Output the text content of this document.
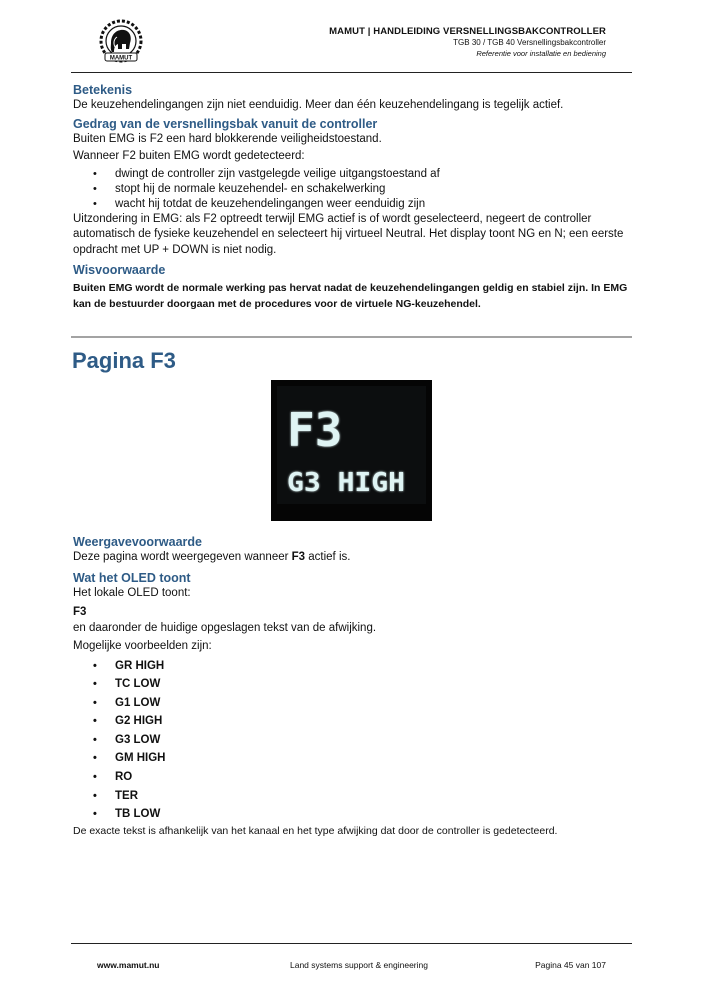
MAMUT
MAMUT | HANDLEIDING VERSNELLINGSBAKCONTROLLER
TGB 30 / TGB 40 Versnellingsbakcontroller
Referentie voor installatie en bediening
Betekenis

De keuzehendelingangen zijn niet eenduidig. Meer dan één keuzehendelingang is tegelijk actief.

Gedrag van de versnellingsbak vanuit de controller

Buiten EMG is F2 een hard blokkerende veiligheidstoestand.

Wanneer F2 buiten EMG wordt gedetecteerd:

• dwingt de controller zijn vastgelegde veilige uitgangstoestand af
• stopt hij de normale keuzehendel- en schakelwerking
• wacht hij totdat de keuzehendelingangen weer eenduidig zijn

Uitzondering in EMG: als F2 optreedt terwijl EMG actief is of wordt geselecteerd, negeert de controller automatisch de fysieke keuzehendel en selecteert hij virtueel Neutral. Het display toont NG en N; een eerste opdracht met UP + DOWN is niet nodig.

Wisvoorwaarde
Buiten EMG wordt de normale werking pas hervat nadat de keuzehendelingangen geldig en stabiel zijn. In EMG kan de bestuurder doorgaan met de procedures voor de virtuele NG-keuzehendel.
Pagina F3
F3
G3 HIGH
Weergavevoorwaarde

Deze pagina wordt weergegeven wanneer F3 actief is.

Wat het OLED toont

Het lokale OLED toont:

F3

en daaronder de huidige opgeslagen tekst van de afwijking.

Mogelijke voorbeelden zijn:

• GR HIGH
• TC LOW
• G1 LOW
• G2 HIGH
• G3 LOW
• GM HIGH
• RO
• TER
• TB LOW

De exacte tekst is afhankelijk van het kanaal en het type afwijking dat door de controller is gedetecteerd.

www.mamut.nu	Land systems support & engineering	Pagina 45 van 107
